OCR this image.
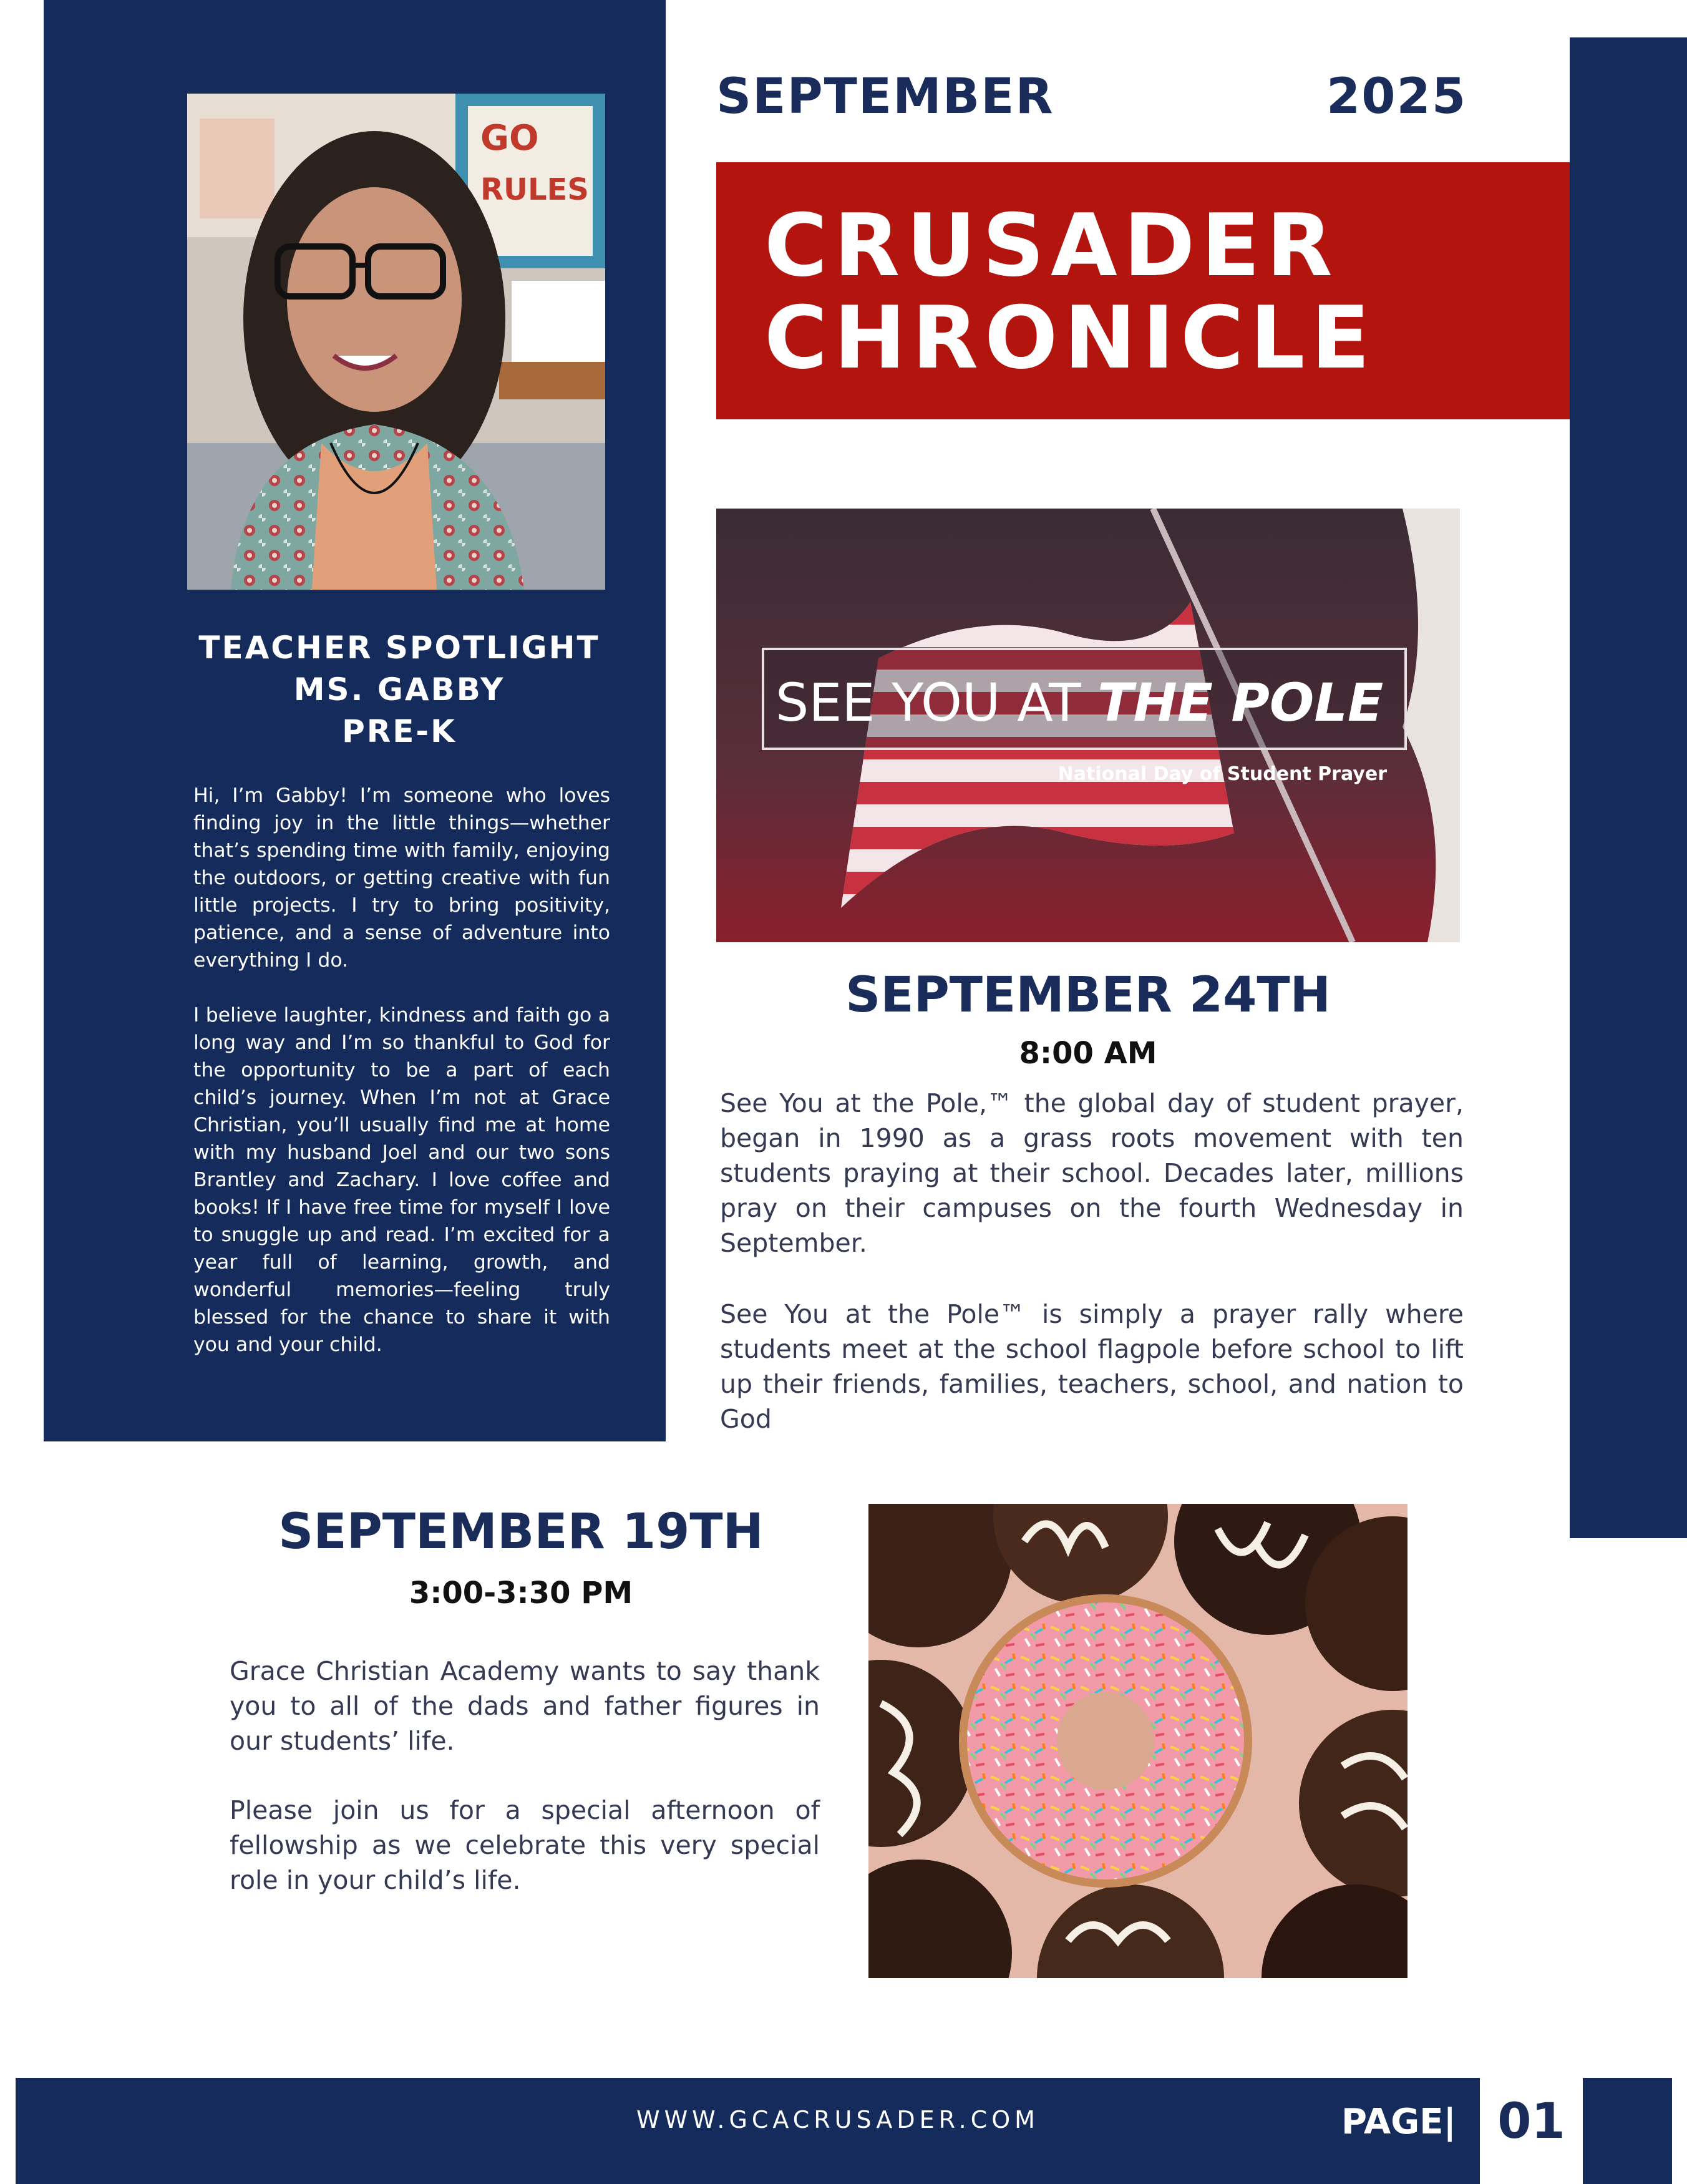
GO
RULES
TEACHER SPOTLIGHT
MS. GABBY
PRE-K

Hi, I’m Gabby! I’m someone who loves finding joy in the little things—whether that’s spending time with family, enjoying the outdoors, or getting creative with fun little projects. I try to bring positivity, patience, and a sense of adventure into everything I do.

I believe laughter, kindness and faith go a long way and I’m so thankful to God for the opportunity to be a part of each child’s journey. When I’m not at Grace Christian, you’ll usually find me at home with my husband Joel and our two sons Brantley and Zachary. I love coffee and books! If I have free time for myself I love to snuggle up and read. I’m excited for a year full of learning, growth, and wonderful memories—feeling truly blessed for the chance to share it with you and your child.

SEPTEMBER	2025
CRUSADER
CHRONICLE
SEE YOU AT THE POLE
National Day of Student Prayer
SEPTEMBER 24TH
8:00 AM

See You at the Pole,™ the global day of student prayer, began in 1990 as a grass roots movement with ten students praying at their school. Decades later, millions pray on their campuses on the fourth Wednesday in September.

See You at the Pole™ is simply a prayer rally where students meet at the school flagpole before school to lift up their friends, families, teachers, school, and nation to God

SEPTEMBER 19TH
3:00-3:30 PM

Grace Christian Academy wants to say thank you to all of the dads and father figures in our students’ life.

Please join us for a special afternoon of fellowship as we celebrate this very special role in your child’s life.

WWW.GCACRUSADER.COM	PAGE| 01
